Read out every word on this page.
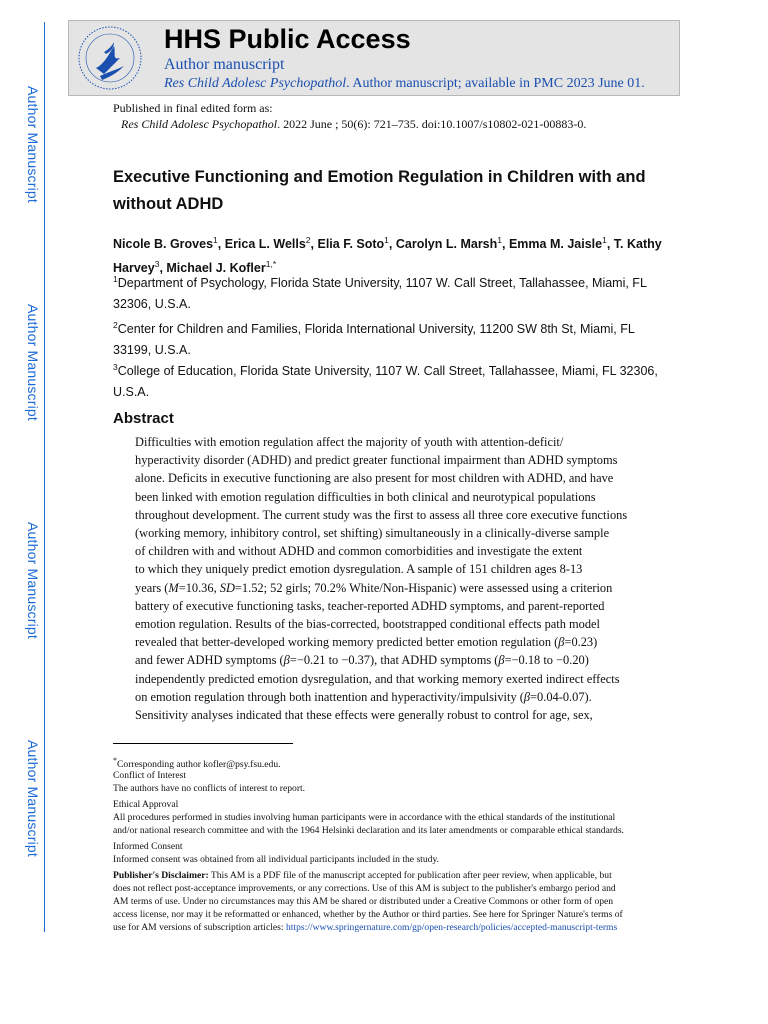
Author Manuscript
Author Manuscript
Author Manuscript
Author Manuscript
HHS Public Access
Author manuscript
Res Child Adolesc Psychopathol. Author manuscript; available in PMC 2023 June 01.
Published in final edited form as:
Res Child Adolesc Psychopathol. 2022 June ; 50(6): 721–735. doi:10.1007/s10802-021-00883-0.
Executive Functioning and Emotion Regulation in Children with and without ADHD
Nicole B. Groves$^1$, Erica L. Wells$^2$, Elia F. Soto$^1$, Carolyn L. Marsh$^1$, Emma M. Jaisle$^1$, T. Kathy Harvey$^3$, Michael J. Kofler$^{1,*}$
$^1$Department of Psychology, Florida State University, 1107 W. Call Street, Tallahassee, Miami, FL 32306, U.S.A.
$^2$Center for Children and Families, Florida International University, 11200 SW 8th St, Miami, FL 33199, U.S.A.
$^3$College of Education, Florida State University, 1107 W. Call Street, Tallahassee, Miami, FL 32306, U.S.A.
Abstract
Difficulties with emotion regulation affect the majority of youth with attention-deficit/
hyperactivity disorder (ADHD) and predict greater functional impairment than ADHD symptoms
alone. Deficits in executive functioning are also present for most children with ADHD, and have
been linked with emotion regulation difficulties in both clinical and neurotypical populations
throughout development. The current study was the first to assess all three core executive functions
(working memory, inhibitory control, set shifting) simultaneously in a clinically-diverse sample
of children with and without ADHD and common comorbidities and investigate the extent
to which they uniquely predict emotion dysregulation. A sample of 151 children ages 8-13
years (M=10.36, SD=1.52; 52 girls; 70.2% White/Non-Hispanic) were assessed using a criterion
battery of executive functioning tasks, teacher-reported ADHD symptoms, and parent-reported
emotion regulation. Results of the bias-corrected, bootstrapped conditional effects path model
revealed that better-developed working memory predicted better emotion regulation (β=0.23)
and fewer ADHD symptoms (β=−0.21 to −0.37), that ADHD symptoms (β=−0.18 to −0.20)
independently predicted emotion dysregulation, and that working memory exerted indirect effects
on emotion regulation through both inattention and hyperactivity/impulsivity (β=0.04-0.07).
Sensitivity analyses indicated that these effects were generally robust to control for age, sex,
*Corresponding author kofler@psy.fsu.edu.
Conflict of Interest
The authors have no conflicts of interest to report.
Ethical Approval
All procedures performed in studies involving human participants were in accordance with the ethical standards of the institutional
and/or national research committee and with the 1964 Helsinki declaration and its later amendments or comparable ethical standards.
Informed Consent
Informed consent was obtained from all individual participants included in the study.
Publisher's Disclaimer: This AM is a PDF file of the manuscript accepted for publication after peer review, when applicable, but
does not reflect post-acceptance improvements, or any corrections. Use of this AM is subject to the publisher's embargo period and
AM terms of use. Under no circumstances may this AM be shared or distributed under a Creative Commons or other form of open
access license, nor may it be reformatted or enhanced, whether by the Author or third parties. See here for Springer Nature's terms of
use for AM versions of subscription articles: https://www.springernature.com/gp/open-research/policies/accepted-manuscript-terms
